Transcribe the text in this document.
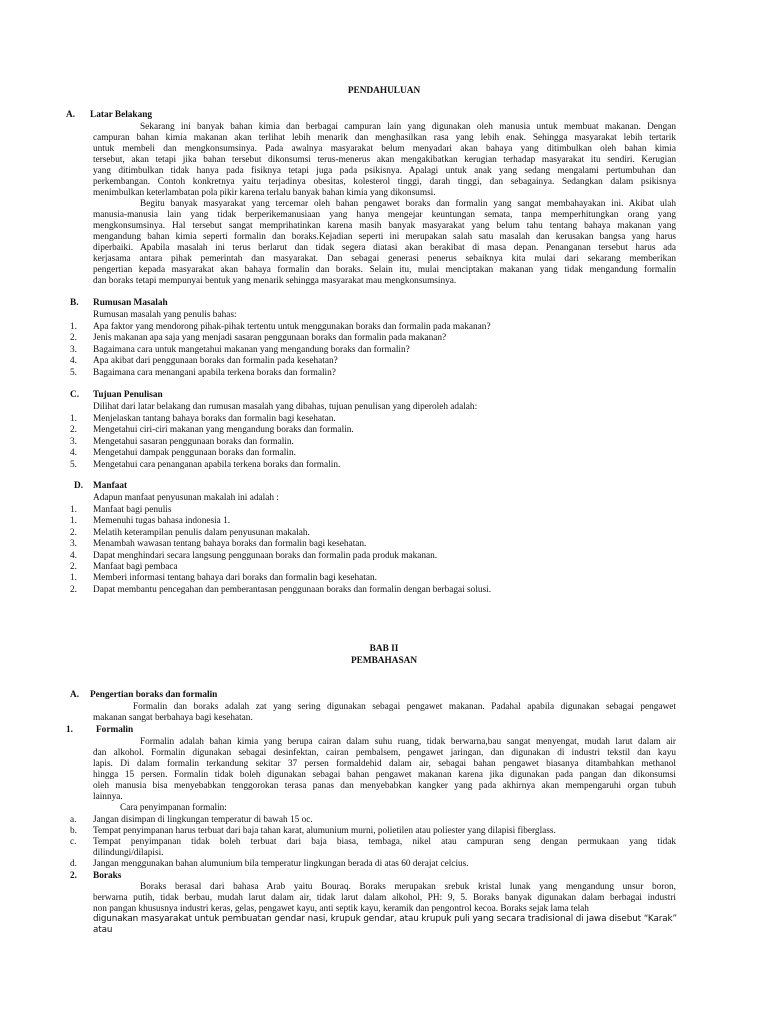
PENDAHULUAN
A. Latar Belakang
Sekarang ini banyak bahan kimia dan berbagai campuran lain yang digunakan oleh manusia untuk membuat makanan. Dengan
campuran bahan kimia makanan akan terlihat lebih menarik dan menghasilkan rasa yang lebih enak. Sehingga masyarakat lebih tertarik
untuk membeli dan mengkonsumsinya. Pada awalnya masyarakat belum menyadari akan bahaya yang ditimbulkan oleh bahan kimia
tersebut, akan tetapi jika bahan tersebut dikonsumsi terus-menerus akan mengakibatkan kerugian terhadap masyarakat itu sendiri. Kerugian
yang ditimbulkan tidak hanya pada fisiknya tetapi juga pada psikisnya. Apalagi untuk anak yang sedang mengalami pertumbuhan dan
perkembangan. Contoh konkretnya yaitu terjadinya obesitas, kolesterol tinggi, darah tinggi, dan sebagainya. Sedangkan dalam psikisnya
menimbulkan keterlambatan pola pikir karena terlalu banyak bahan kimia yang dikonsumsi.
Begitu banyak masyarakat yang tercemar oleh bahan pengawet boraks dan formalin yang sangat membahayakan ini. Akibat ulah
manusia-manusia lain yang tidak berperikemanusiaan yang hanya mengejar keuntungan semata, tanpa memperhitungkan orang yang
mengkonsumsinya. Hal tersebut sangat memprihatinkan karena masih banyak masyarakat yang belum tahu tentang bahaya makanan yang
mengandung bahan kimia seperti formalin dan boraks.Kejadian seperti ini merupakan salah satu masalah dan kerusakan bangsa yang harus
diperbaiki. Apabila masalah ini terus berlarut dan tidak segera diatasi akan berakibat di masa depan. Penanganan tersebut harus ada
kerjasama antara pihak pemerintah dan masyarakat. Dan sebagai generasi penerus sebaiknya kita mulai dari sekarang memberikan
pengertian kepada masyarakat akan bahaya formalin dan boraks. Selain itu, mulai menciptakan makanan yang tidak mengandung formalin
dan boraks tetapi mempunyai bentuk yang menarik sehingga masyarakat mau mengkonsumsinya.
B. Rumusan Masalah
Rumusan masalah yang penulis bahas:
1. Apa faktor yang mendorong pihak-pihak tertentu untuk menggunakan boraks dan formalin pada makanan?
2. Jenis makanan apa saja yang menjadi sasaran penggunaan boraks dan formalin pada makanan?
3. Bagaimana cara untuk mangetahui makanan yang mengandung boraks dan formalin?
4. Apa akibat dari penggunaan boraks dan formalin pada kesehatan?
5. Bagaimana cara menangani apabila terkena boraks dan formalin?
C. Tujuan Penulisan
Dilihat dari latar belakang dan rumusan masalah yang dibahas, tujuan penulisan yang diperoleh adalah:
1. Menjelaskan tantang bahaya boraks dan formalin bagi kesehatan.
2. Mengetahui ciri-ciri makanan yang mengandung boraks dan formalin.
3. Mengetahui sasaran penggunaan boraks dan formalin.
4. Mengetahui dampak penggunaan boraks dan formalin.
5. Mengetahui cara penanganan apabila terkena boraks dan formalin.
D. Manfaat
Adapun manfaat penyusunan makalah ini adalah :
1. Manfaat bagi penulis
1. Memenuhi tugas bahasa indonesia 1.
2. Melatih keterampilan penulis dalam penyusunan makalah.
3. Menambah wawasan tentang bahaya boraks dan formalin bagi kesehatan.
4. Dapat menghindari secara langsung penggunaan boraks dan formalin pada produk makanan.
2. Manfaat bagi pembaca
1. Memberi informasi tentang bahaya dari boraks dan formalin bagi kesehatan.
2. Dapat membantu pencegahan dan pemberantasan penggunaan boraks dan formalin dengan berbagai solusi.
BAB II
PEMBAHASAN
A. Pengertian boraks dan formalin
Formalin dan boraks adalah zat yang sering digunakan sebagai pengawet makanan. Padahal apabila digunakan sebagai pengawet
makanan sangat berbahaya bagi kesehatan.
1. Formalin
Formalin adalah bahan kimia yang berupa cairan dalam suhu ruang, tidak berwarna,bau sangat menyengat, mudah larut dalam air
dan alkohol. Formalin digunakan sebagai desinfektan, cairan pembalsem, pengawet jaringan, dan digunakan di industri tekstil dan kayu
lapis. Di dalam formalin terkandung sekitar 37 persen formaldehid dalam air, sebagai bahan pengawet biasanya ditambahkan methanol
hingga 15 persen. Formalin tidak boleh digunakan sebagai bahan pengawet makanan karena jika digunakan pada pangan dan dikonsumsi
oleh manusia bisa menyebabkan tenggorokan terasa panas dan menyebabkan kangker yang pada akhirnya akan mempengaruhi organ tubuh
lainnya.
Cara penyimpanan formalin:
a. Jangan disimpan di lingkungan temperatur di bawah 15 oc.
b. Tempat penyimpanan harus terbuat dari baja tahan karat, alumunium murni, polietilen atau poliester yang dilapisi fiberglass.
c. Tempat penyimpanan tidak boleh terbuat dari baja biasa, tembaga, nikel atau campuran seng dengan permukaan yang tidak
dilindungi/dilapisi.
d. Jangan menggunakan bahan alumunium bila temperatur lingkungan berada di atas 60 derajat celcius.
2. Boraks
Boraks berasal dari bahasa Arab yaitu Bouraq. Boraks merupakan srebuk kristal lunak yang mengandung unsur boron,
berwarna putih, tidak berbau, mudah larut dalam air, tidak larut dalam alkohol, PH: 9, 5. Boraks banyak digunakan dalam berbagai industri
non pangan khususnya industri keras, gelas, pengawet kayu, anti septik kayu, keramik dan pengontrol kecoa. Boraks sejak lama telah
digunakan masyarakat untuk pembuatan gendar nasi, krupuk gendar, atau krupuk puli yang secara tradisional di jawa disebut “Karak” atau
